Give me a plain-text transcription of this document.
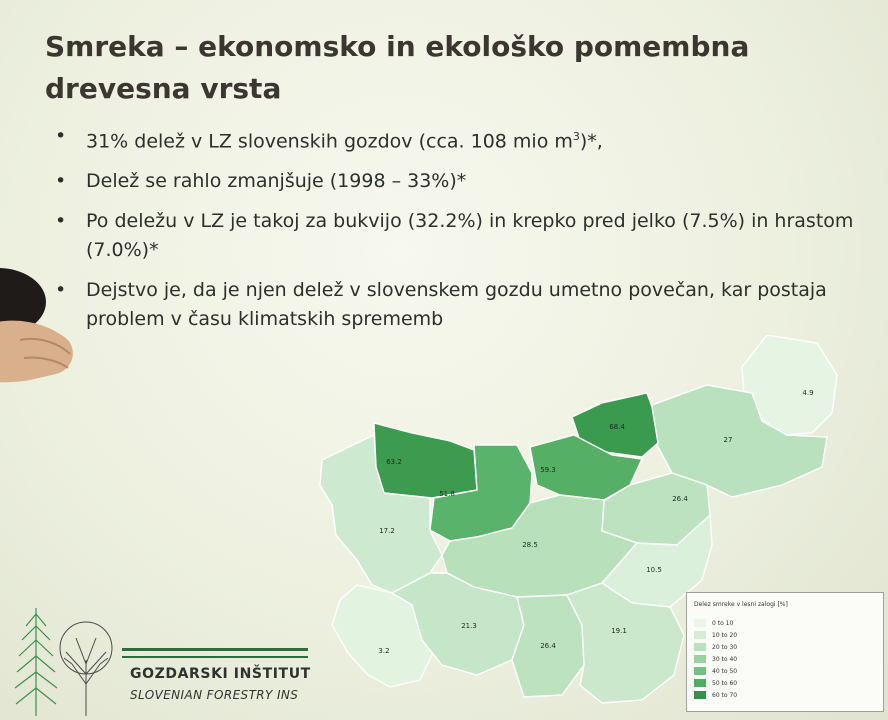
Smreka – ekonomsko in ekološko pomembna
drevesna vrsta
• 31% delež v LZ slovenskih gozdov (cca. 108 mio $m^3)*$,
• Delež se rahlo zmanjšuje (1998 – 33%)*
• Po deležu v LZ je takoj za bukvijo (32.2%) in krepko pred jelko (7.5%) in hrastom (7.0%)*
• Dejstvo je, da je njen delež v slovenskem gozdu umetno povečan, kar postaja problem v času klimatskih sprememb
4.9
27
68.4
59.3
63.2
51.8
26.4
17.2
28.5
10.5
3.2
21.3
26.4
19.1
Delez smreke v lesni zalogi [%]
0 to 10
10 to 20
20 to 30
30 to 40
40 to 50
50 to 60
60 to 70
GOZDARSKI INŠTITUT
SLOVENIAN FORESTRY INS
